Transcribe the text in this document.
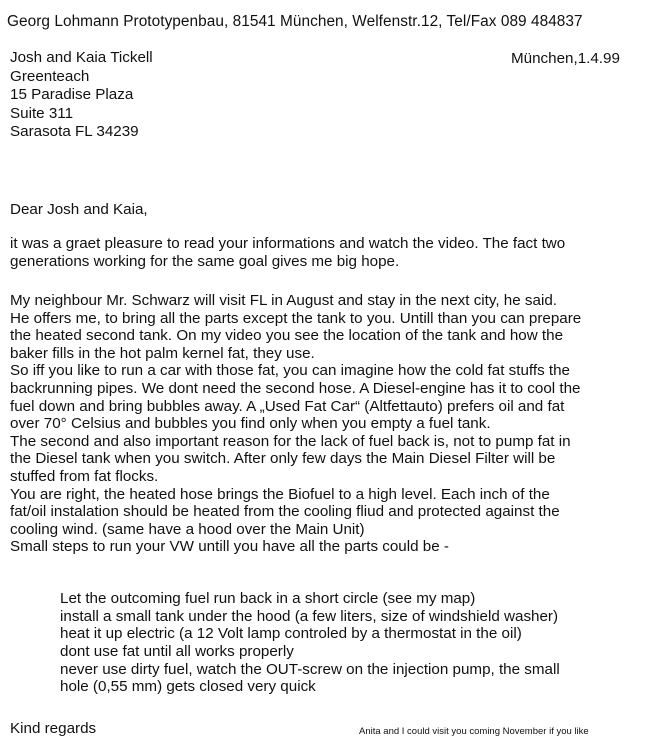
Georg Lohmann Prototypenbau, 81541 München, Welfenstr.12, Tel/Fax 089 484837
Josh and Kaia Tickell
Greenteach
15 Paradise Plaza
Suite 311
Sarasota FL 34239
München,1.4.99
Dear Josh and Kaia,
it was a graet pleasure to read your informations and watch the video. The fact two
generations working for the same goal gives me big hope.
My neighbour Mr. Schwarz will visit FL in August and stay in the next city, he said.
He offers me, to bring all the parts except the tank to you. Untill than you can prepare
the heated second tank. On my video you see the location of the tank and how the
baker fills in the hot palm kernel fat, they use.
So iff you like to run a car with those fat, you can imagine how the cold fat stuffs the
backrunning pipes. We dont need the second hose. A Diesel-engine has it to cool the
fuel down and bring bubbles away. A „Used Fat Car“ (Altfettauto) prefers oil and fat
over 70° Celsius and bubbles you find only when you empty a fuel tank.
The second and also important reason for the lack of fuel back is, not to pump fat in
the Diesel tank when you switch. After only few days the Main Diesel Filter will be
stuffed from fat flocks.
You are right, the heated hose brings the Biofuel to a high level. Each inch of the
fat/oil instalation should be heated from the cooling fliud and protected against the
cooling wind. (same have a hood over the Main Unit)
Small steps to run your VW untill you have all the parts could be -
Let the outcoming fuel run back in a short circle (see my map)
install a small tank under the hood (a few liters, size of windshield washer)
heat it up electric (a 12 Volt lamp controled by a thermostat in the oil)
dont use fat until all works properly
never use dirty fuel, watch the OUT-screw on the injection pump, the small
hole (0,55 mm) gets closed very quick
Kind regards	Anita and I could visit you coming November if you like
